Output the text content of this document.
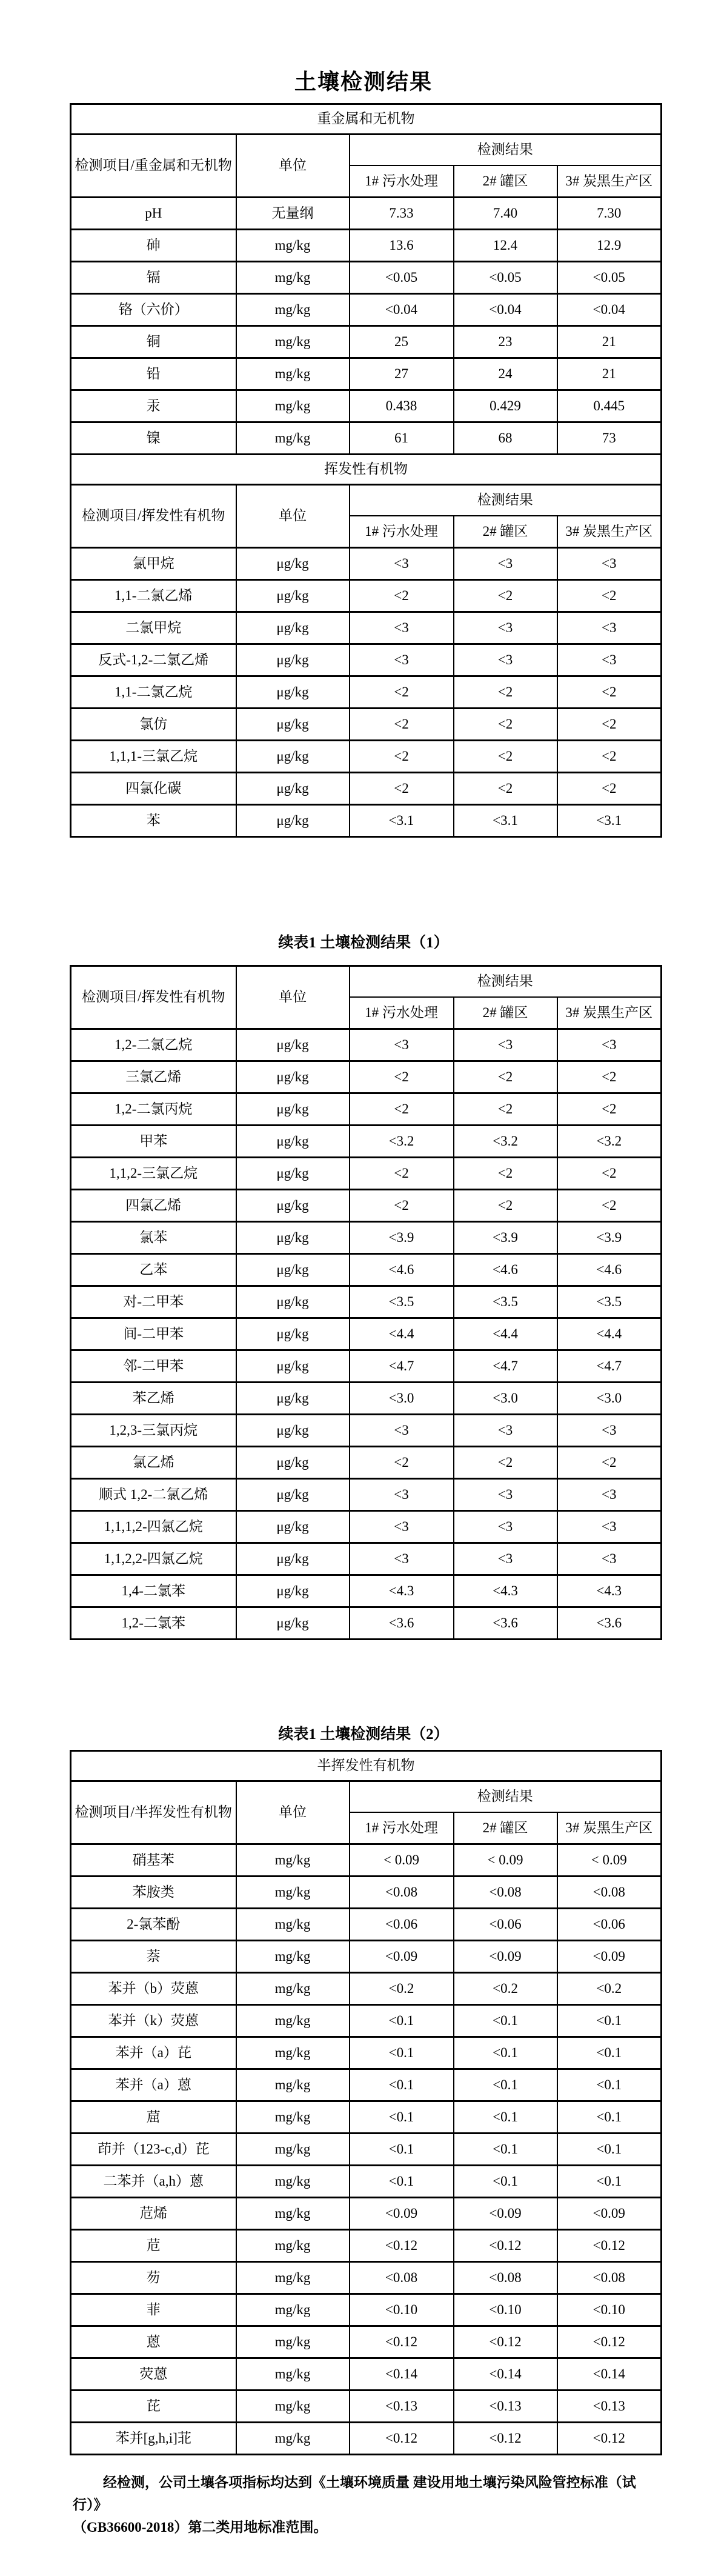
土壤检测结果
重金属和无机物				
检测项目/重金属和无机物	单位	检测结果		
		1# 污水处理	2# 罐区	3# 炭黑生产区
pH	无量纲	7.33	7.40	7.30
砷	mg/kg	13.6	12.4	12.9
镉	mg/kg	<0.05	<0.05	<0.05
铬（六价）	mg/kg	<0.04	<0.04	<0.04
铜	mg/kg	25	23	21
铅	mg/kg	27	24	21
汞	mg/kg	0.438	0.429	0.445
镍	mg/kg	61	68	73
挥发性有机物				
检测项目/挥发性有机物	单位	检测结果		
		1# 污水处理	2# 罐区	3# 炭黑生产区
氯甲烷	μg/kg	<3	<3	<3
1,1-二氯乙烯	μg/kg	<2	<2	<2
二氯甲烷	μg/kg	<3	<3	<3
反式-1,2-二氯乙烯	μg/kg	<3	<3	<3
1,1-二氯乙烷	μg/kg	<2	<2	<2
氯仿	μg/kg	<2	<2	<2
1,1,1-三氯乙烷	μg/kg	<2	<2	<2
四氯化碳	μg/kg	<2	<2	<2
苯	μg/kg	<3.1	<3.1	<3.1
续表1 土壤检测结果（1）
检测项目/挥发性有机物	单位	检测结果		
		1# 污水处理	2# 罐区	3# 炭黑生产区
1,2-二氯乙烷	μg/kg	<3	<3	<3
三氯乙烯	μg/kg	<2	<2	<2
1,2-二氯丙烷	μg/kg	<2	<2	<2
甲苯	μg/kg	<3.2	<3.2	<3.2
1,1,2-三氯乙烷	μg/kg	<2	<2	<2
四氯乙烯	μg/kg	<2	<2	<2
氯苯	μg/kg	<3.9	<3.9	<3.9
乙苯	μg/kg	<4.6	<4.6	<4.6
对-二甲苯	μg/kg	<3.5	<3.5	<3.5
间-二甲苯	μg/kg	<4.4	<4.4	<4.4
邻-二甲苯	μg/kg	<4.7	<4.7	<4.7
苯乙烯	μg/kg	<3.0	<3.0	<3.0
1,2,3-三氯丙烷	μg/kg	<3	<3	<3
氯乙烯	μg/kg	<2	<2	<2
顺式 1,2-二氯乙烯	μg/kg	<3	<3	<3
1,1,1,2-四氯乙烷	μg/kg	<3	<3	<3
1,1,2,2-四氯乙烷	μg/kg	<3	<3	<3
1,4-二氯苯	μg/kg	<4.3	<4.3	<4.3
1,2-二氯苯	μg/kg	<3.6	<3.6	<3.6
续表1 土壤检测结果（2）
半挥发性有机物				
检测项目/半挥发性有机物	单位	检测结果		
		1# 污水处理	2# 罐区	3# 炭黑生产区
硝基苯	mg/kg	< 0.09	< 0.09	< 0.09
苯胺类	mg/kg	<0.08	<0.08	<0.08
2-氯苯酚	mg/kg	<0.06	<0.06	<0.06
萘	mg/kg	<0.09	<0.09	<0.09
苯并（b）荧蒽	mg/kg	<0.2	<0.2	<0.2
苯并（k）荧蒽	mg/kg	<0.1	<0.1	<0.1
苯并（a）芘	mg/kg	<0.1	<0.1	<0.1
苯并（a）蒽	mg/kg	<0.1	<0.1	<0.1
䓛	mg/kg	<0.1	<0.1	<0.1
茚并（123-c,d）芘	mg/kg	<0.1	<0.1	<0.1
二苯并（a,h）蒽	mg/kg	<0.1	<0.1	<0.1
苊烯	mg/kg	<0.09	<0.09	<0.09
苊	mg/kg	<0.12	<0.12	<0.12
芴	mg/kg	<0.08	<0.08	<0.08
菲	mg/kg	<0.10	<0.10	<0.10
蒽	mg/kg	<0.12	<0.12	<0.12
荧蒽	mg/kg	<0.14	<0.14	<0.14
芘	mg/kg	<0.13	<0.13	<0.13
苯并[g,h,i]苝	mg/kg	<0.12	<0.12	<0.12
经检测，公司土壤各项指标均达到《土壤环境质量 建设用地土壤污染风险管控标准（试行）》
（GB36600-2018）第二类用地标准范围。
